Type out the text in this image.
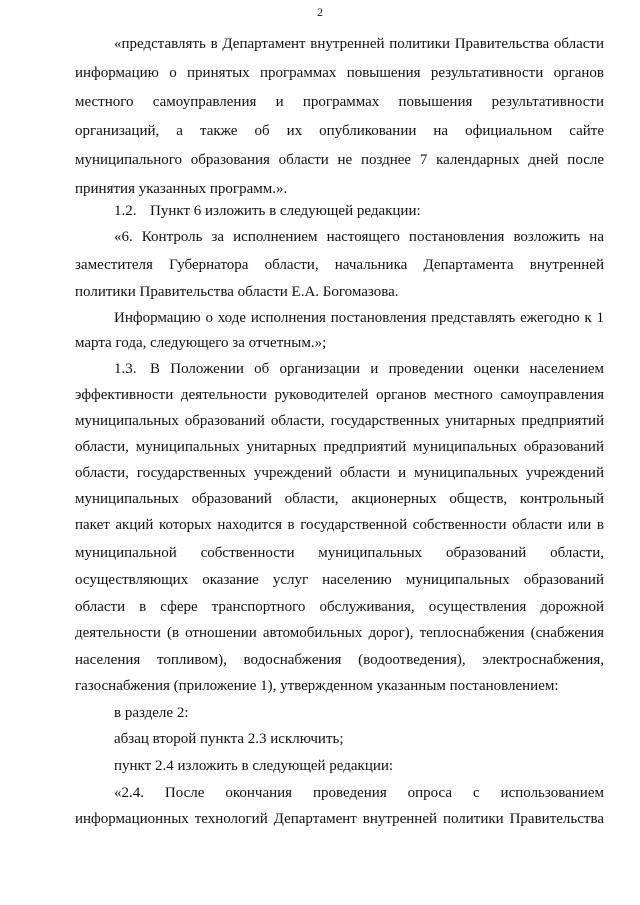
2
«представлять в Департамент внутренней политики Правительства области
информацию о принятых программах повышения результативности органов
местного самоуправления и программах повышения результативности
организаций, а также об их опубликовании на официальном сайте
муниципального образования области не позднее 7 календарных дней после
принятия указанных программ.».
1.2. Пункт 6 изложить в следующей редакции:
«6. Контроль за исполнением настоящего постановления возложить на
заместителя Губернатора области, начальника Департамента внутренней
политики Правительства области Е.А. Богомазова.
Информацию о ходе исполнения постановления представлять ежегодно к 1
марта года, следующего за отчетным.»;
1.3. В Положении об организации и проведении оценки населением
эффективности деятельности руководителей органов местного самоуправления
муниципальных образований области, государственных унитарных предприятий
области, муниципальных унитарных предприятий муниципальных образований
области, государственных учреждений области и муниципальных учреждений
муниципальных образований области, акционерных обществ, контрольный
пакет акций которых находится в государственной собственности области или в
муниципальной собственности муниципальных образований области,
осуществляющих оказание услуг населению муниципальных образований
области в сфере транспортного обслуживания, осуществления дорожной
деятельности (в отношении автомобильных дорог), теплоснабжения (снабжения
населения топливом), водоснабжения (водоотведения), электроснабжения,
газоснабжения (приложение 1), утвержденном указанным постановлением:
в разделе 2:
абзац второй пункта 2.3 исключить;
пункт 2.4 изложить в следующей редакции:
«2.4. После окончания проведения опроса с использованием
информационных технологий Департамент внутренней политики Правительства
